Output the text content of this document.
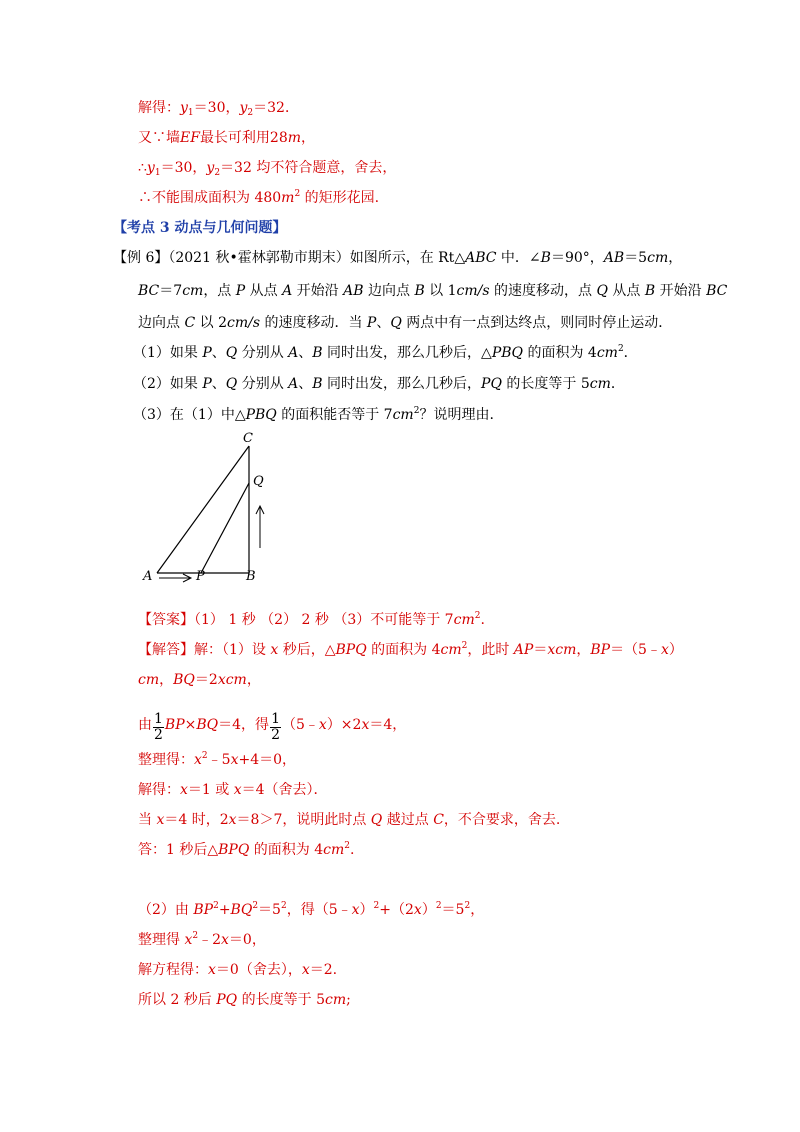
解得：$y_1=30$，$y_2=32$．
又∵墙EF最长可利用28m，
$\therefore y_1=30$，$y_2=32$ 均不符合题意，舍去，
∴不能围成面积为 $480m^2$ 的矩形花园.
【考点 3 动点与几何问题】
【例 6】（2021 秋•霍林郭勒市期末）如图所示，在 Rt△ABC 中．∠B＝90°，AB＝5cm，
BC＝7cm，点 P 从点 A 开始沿 AB 边向点 B 以 1cm/s 的速度移动，点 Q 从点 B 开始沿 BC
边向点 C 以 2cm/s 的速度移动．当 P、Q 两点中有一点到达终点，则同时停止运动．
（1）如果 P、Q 分别从 A、B 同时出发，那么几秒后，△PBQ 的面积为 $4cm^2$．
（2）如果 P、Q 分别从 A、B 同时出发，那么几秒后，PQ 的长度等于 5cm．
（3）在（1）中△PBQ 的面积能否等于 $7cm^2$？说明理由.
C
Q
A	P	B
【答案】（1） 1 秒 （2） 2 秒 （3）不可能等于 $7cm^2$.
【解答】解：（1）设 x 秒后，△BPQ 的面积为 $4cm^2$，此时 AP＝xcm，BP＝（5﹣x）
cm，BQ＝2xcm，
由 $\frac{1}{2} BP\times BQ=4$，得 $\frac{1}{2}$ （5﹣x）×2x＝4，
整理得：$x^2﹣5x+4=0$，
解得：x＝1 或 x＝4（舍去）．
当 x＝4 时，2x＝8＞7，说明此时点 Q 越过点 C，不合要求，舍去.
答：1 秒后△BPQ 的面积为 $4cm^2$.
（2）由 $BP^2+BQ^2=5^2$，得$(5﹣x)^2+(2x)^2=5^2$，
整理得 $x^2﹣2x=0$，
解方程得：x＝0（舍去），x＝2.
所以 2 秒后 PQ 的长度等于 5cm;
